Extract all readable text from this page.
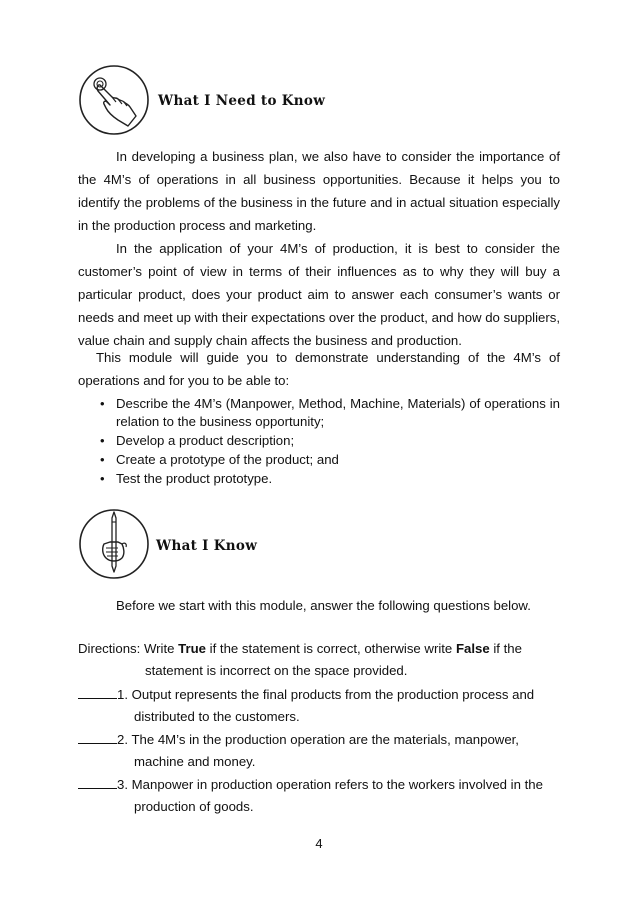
What I Need to Know

In developing a business plan, we also have to consider the importance of the 4M’s of operations in all business opportunities. Because it helps you to identify the problems of the business in the future and in actual situation especially in the production process and marketing.

In the application of your 4M’s of production, it is best to consider the customer’s point of view in terms of their influences as to why they will buy a particular product, does your product aim to answer each consumer’s wants or needs and meet up with their expectations over the product, and how do suppliers, value chain and supply chain affects the business and production.

This module will guide you to demonstrate understanding of the 4M’s of operations and for you to be able to:

• Describe the 4M’s (Manpower, Method, Machine, Materials) of operations in relation to the business opportunity;
• Develop a product description;
• Create a prototype of the product; and
• Test the product prototype.
What I Know
Before we start with this module, answer the following questions below.
Directions: Write True if the statement is correct, otherwise write False if the
statement is incorrect on the space provided.
1. Output represents the final products from the production process and
distributed to the customers.
2. The 4M’s in the production operation are the materials, manpower,
machine and money.
3. Manpower in production operation refers to the workers involved in the
production of goods.
4
